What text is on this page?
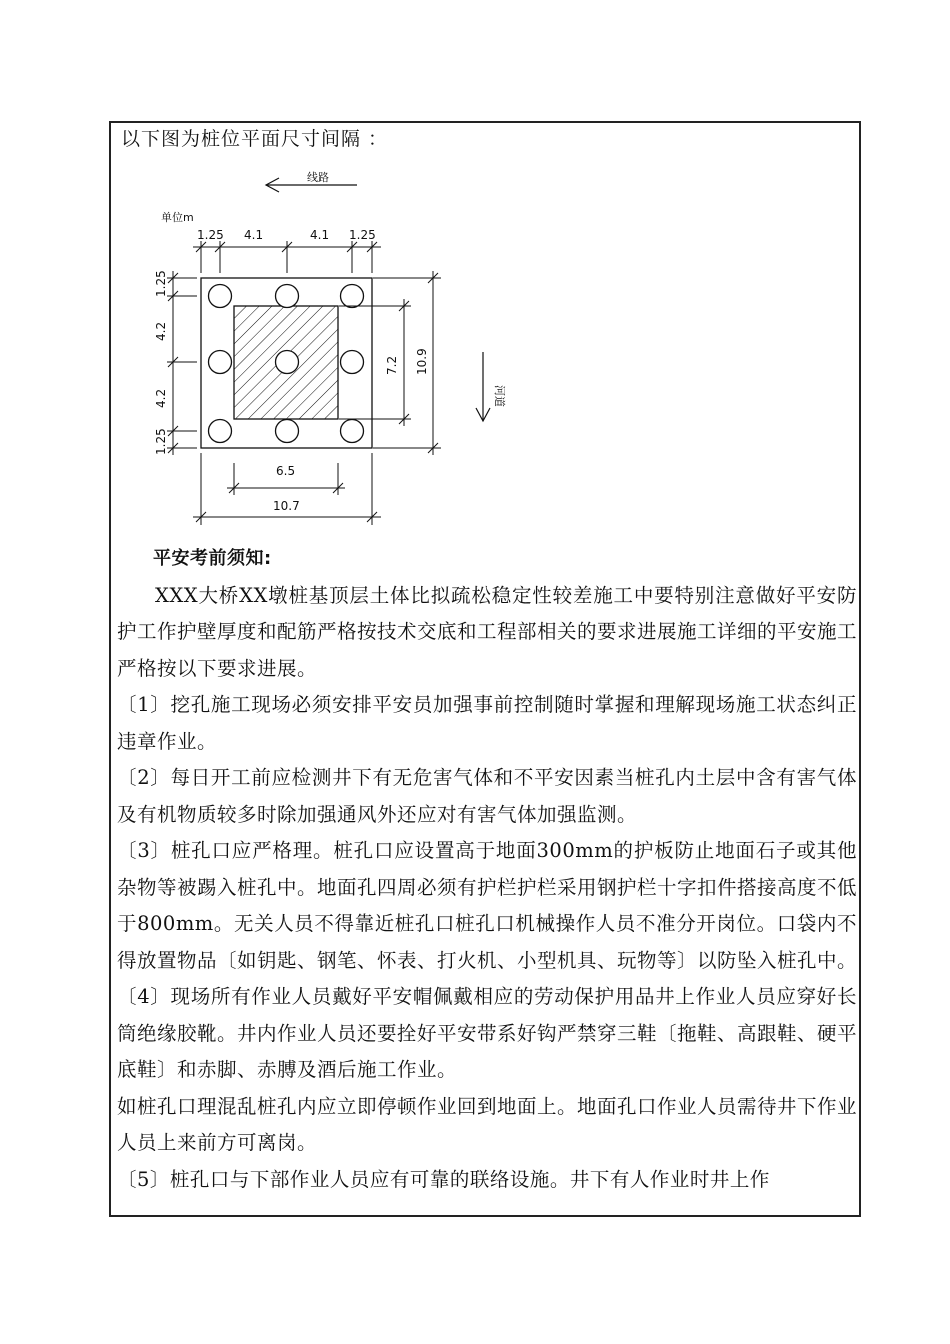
以下图为桩位平面尺寸间隔 ：
线路
单位m
1.25 4.1	4.1 1.25
1.25
4.2
4.2
1.25
7.2 10.9
6.5
10.7
河道

平安考前须知:

XXX大桥XX墩桩基顶层土体比拟疏松稳定性较差施工中要特别注意做好平安防护工作护壁厚度和配筋严格按技术交底和工程部相关的要求进展施工详细的平安施工严格按以下要求进展。

〔1〕挖孔施工现场必须安排平安员加强事前控制随时掌握和理解现场施工状态纠正违章作业。

〔2〕每日开工前应检测井下有无危害气体和不平安因素当桩孔内土层中含有害气体及有机物质较多时除加强通风外还应对有害气体加强监测。

〔3〕桩孔口应严格理。桩孔口应设置高于地面300mm的护板防止地面石子或其他杂物等被踢入桩孔中。地面孔四周必须有护栏护栏采用钢护栏十字扣件搭接高度不低于800mm。无关人员不得靠近桩孔口桩孔口机械操作人员不准分开岗位。口袋内不得放置物品〔如钥匙、钢笔、怀表、打火机、小型机具、玩物等〕以防坠入桩孔中。

〔4〕现场所有作业人员戴好平安帽佩戴相应的劳动保护用品井上作业人员应穿好长筒绝缘胶靴。井内作业人员还要拴好平安带系好钩严禁穿三鞋〔拖鞋、高跟鞋、硬平底鞋〕和赤脚、赤膊及酒后施工作业。

如桩孔口理混乱桩孔内应立即停顿作业回到地面上。地面孔口作业人员需待井下作业人员上来前方可离岗。

〔5〕桩孔口与下部作业人员应有可靠的联络设施。井下有人作业时井上作
